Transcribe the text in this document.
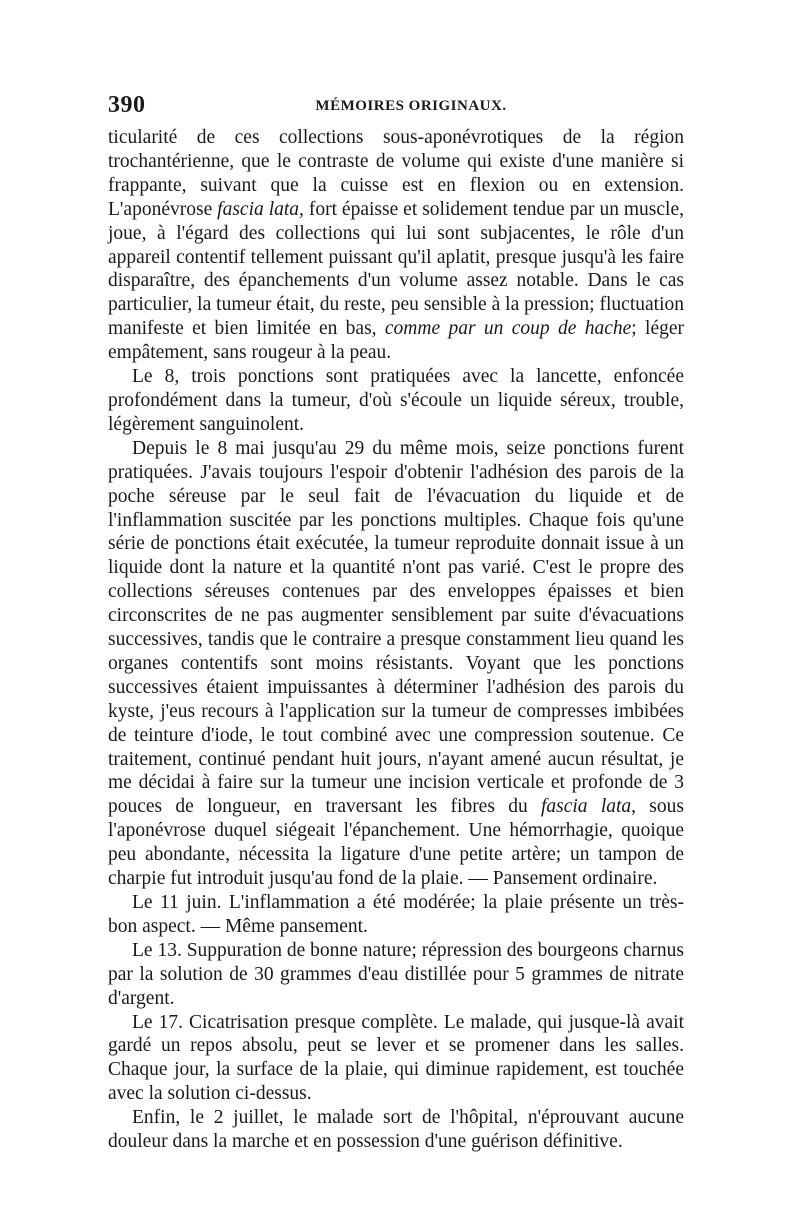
390	MÉMOIRES ORIGINAUX.

ticularité de ces collections sous-aponévrotiques de la région trochantérienne, que le contraste de volume qui existe d'une manière si frappante, suivant que la cuisse est en flexion ou en extension. L'aponévrose fascia lata, fort épaisse et solidement tendue par un muscle, joue, à l'égard des collections qui lui sont subjacentes, le rôle d'un appareil contentif tellement puissant qu'il aplatit, presque jusqu'à les faire disparaître, des épanchements d'un volume assez notable. Dans le cas particulier, la tumeur était, du reste, peu sensible à la pression; fluctuation manifeste et bien limitée en bas, comme par un coup de hache; léger empâtement, sans rougeur à la peau.

Le 8, trois ponctions sont pratiquées avec la lancette, enfoncée profondément dans la tumeur, d'où s'écoule un liquide séreux, trouble, légèrement sanguinolent.

Depuis le 8 mai jusqu'au 29 du même mois, seize ponctions furent pratiquées. J'avais toujours l'espoir d'obtenir l'adhésion des parois de la poche séreuse par le seul fait de l'évacuation du liquide et de l'inflammation suscitée par les ponctions multiples. Chaque fois qu'une série de ponctions était exécutée, la tumeur reproduite donnait issue à un liquide dont la nature et la quantité n'ont pas varié. C'est le propre des collections séreuses contenues par des enveloppes épaisses et bien circonscrites de ne pas augmenter sensiblement par suite d'évacuations successives, tandis que le contraire a presque constamment lieu quand les organes contentifs sont moins résistants. Voyant que les ponctions successives étaient impuissantes à déterminer l'adhésion des parois du kyste, j'eus recours à l'application sur la tumeur de compresses imbibées de teinture d'iode, le tout combiné avec une compression soutenue. Ce traitement, continué pendant huit jours, n'ayant amené aucun résultat, je me décidai à faire sur la tumeur une incision verticale et profonde de 3 pouces de longueur, en traversant les fibres du fascia lata, sous l'aponévrose duquel siégeait l'épanchement. Une hémorrhagie, quoique peu abondante, nécessita la ligature d'une petite artère; un tampon de charpie fut introduit jusqu'au fond de la plaie. — Pansement ordinaire.

Le 11 juin. L'inflammation a été modérée; la plaie présente un très-bon aspect. — Même pansement.

Le 13. Suppuration de bonne nature; répression des bourgeons charnus par la solution de 30 grammes d'eau distillée pour 5 grammes de nitrate d'argent.

Le 17. Cicatrisation presque complète. Le malade, qui jusque-là avait gardé un repos absolu, peut se lever et se promener dans les salles. Chaque jour, la surface de la plaie, qui diminue rapidement, est touchée avec la solution ci-dessus.

Enfin, le 2 juillet, le malade sort de l'hôpital, n'éprouvant aucune douleur dans la marche et en possession d'une guérison définitive.
